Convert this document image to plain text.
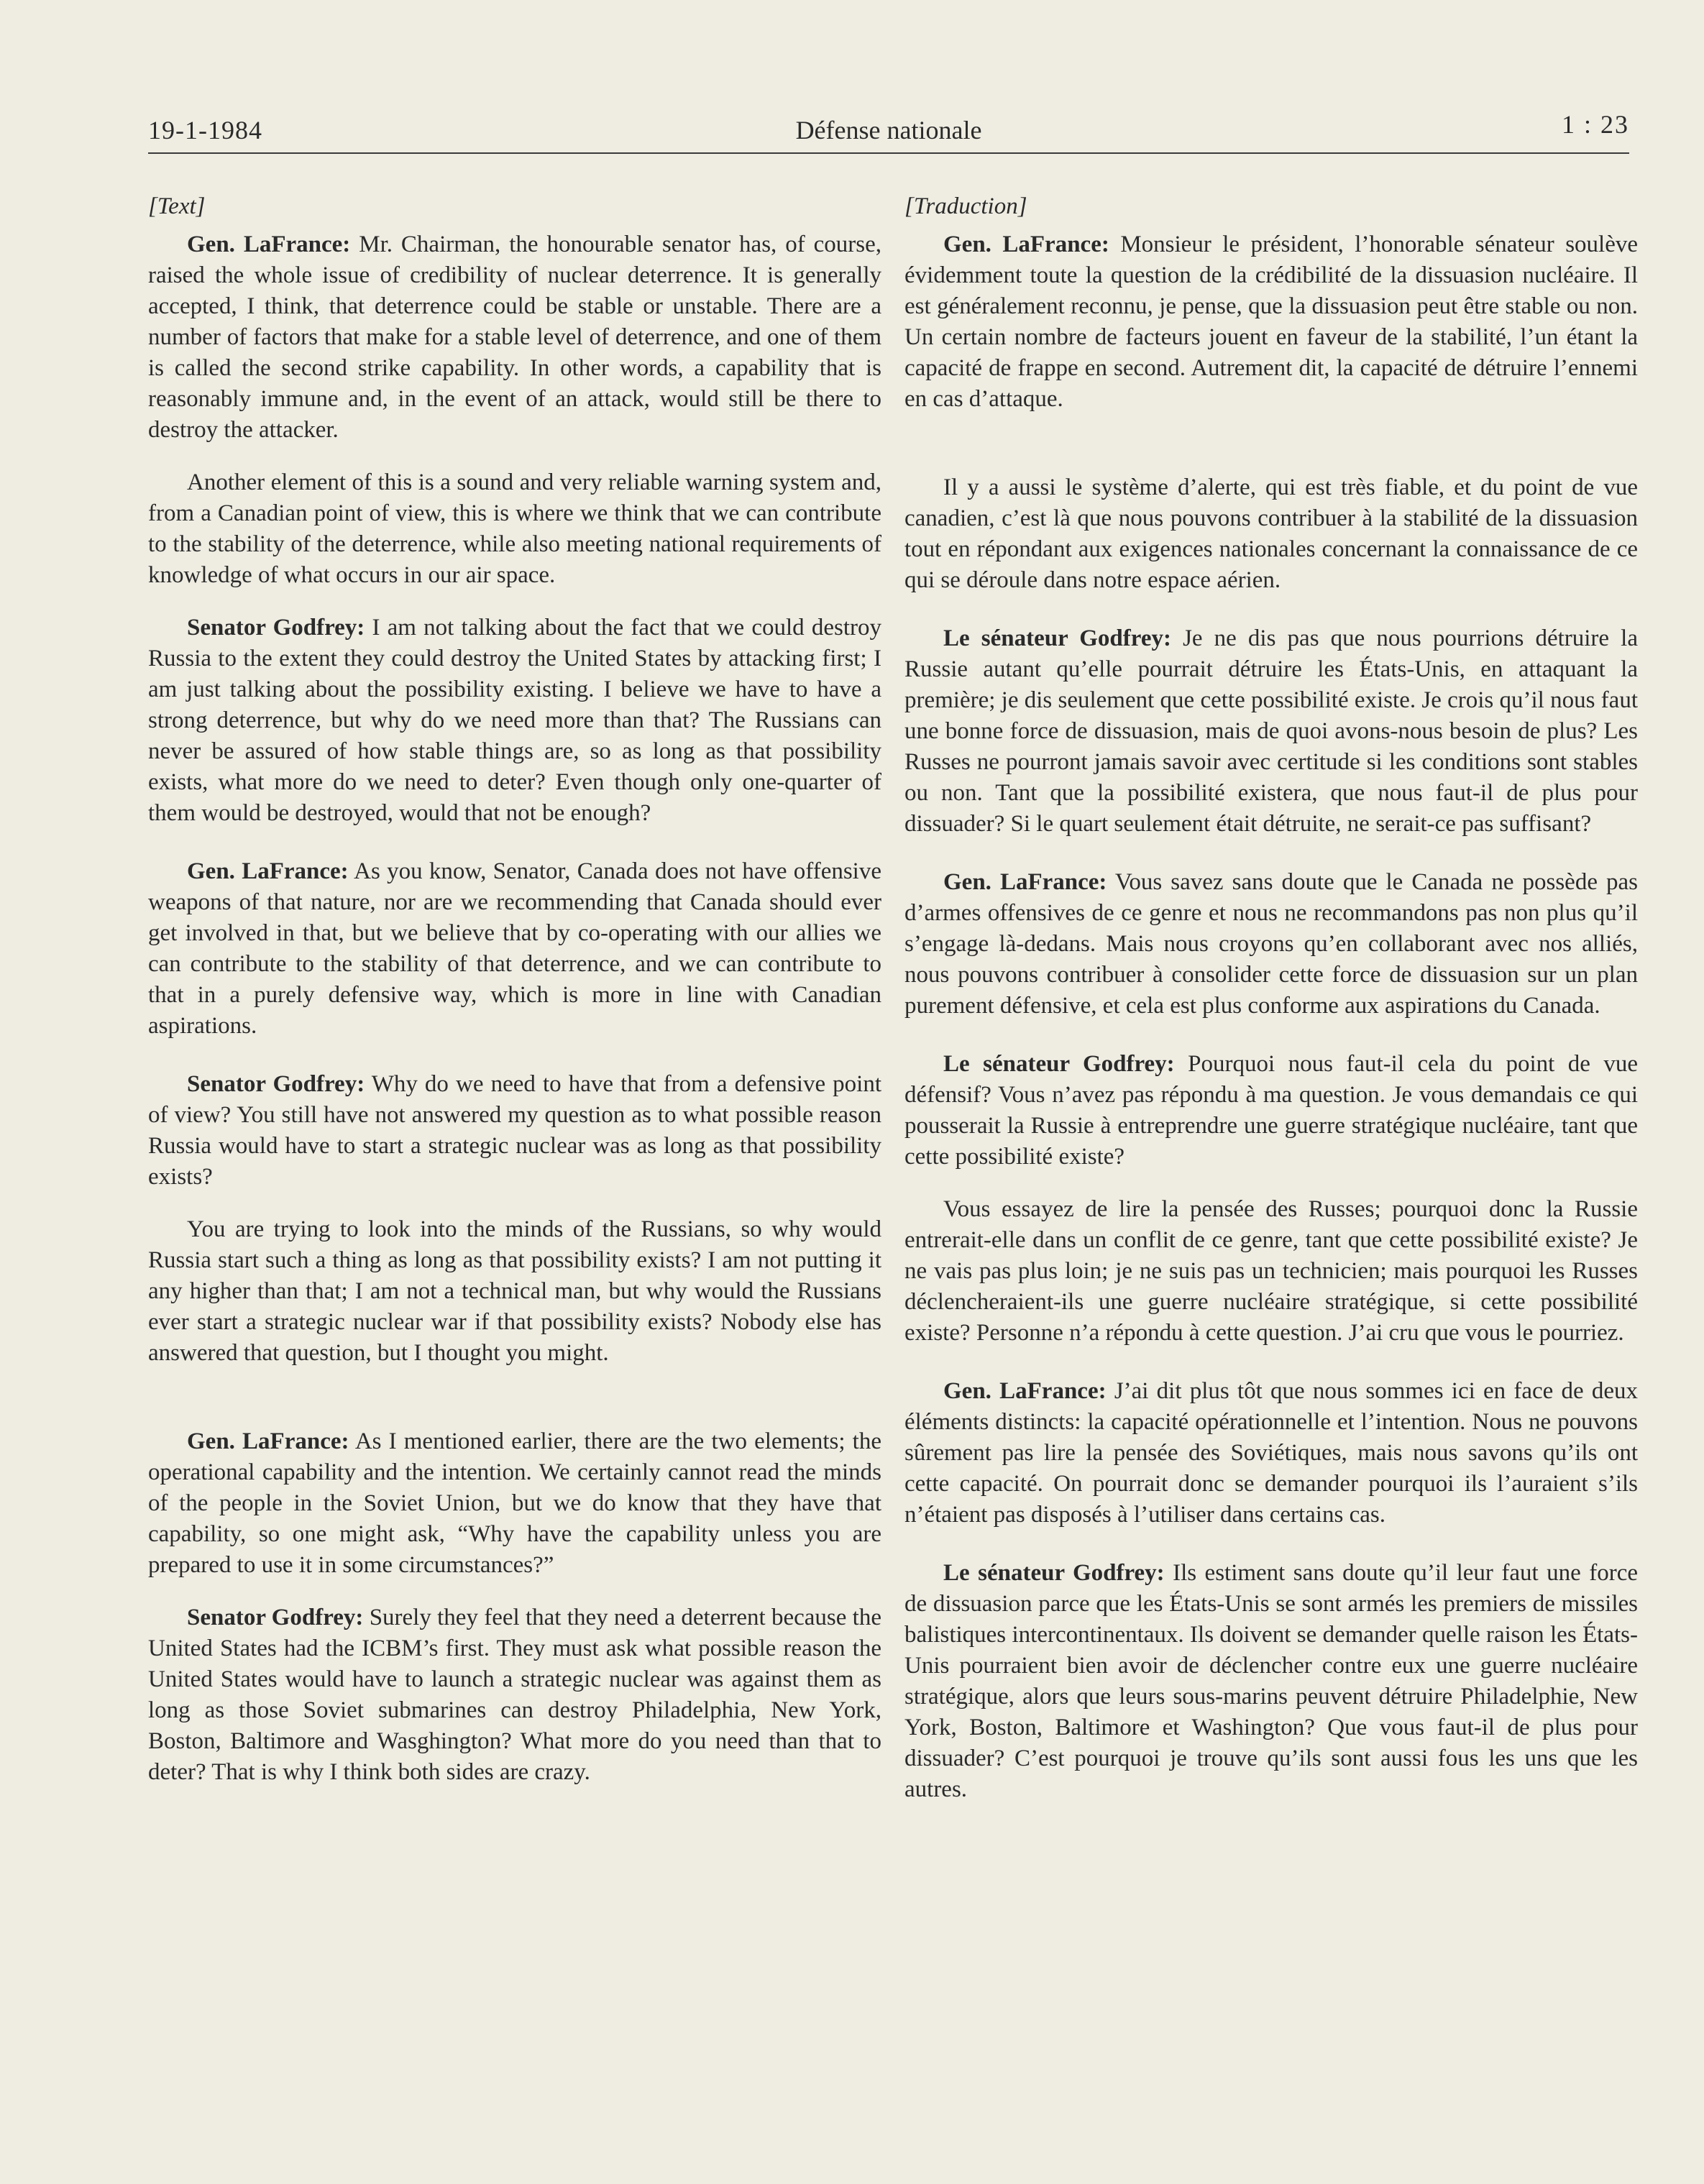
19-1-1984	Défense nationale	1 : 23
[Text]

Gen. LaFrance: Mr. Chairman, the honourable senator has, of course, raised the whole issue of credibility of nuclear deterrence. It is generally accepted, I think, that deterrence could be stable or unstable. There are a number of factors that make for a stable level of deterrence, and one of them is called the second strike capability. In other words, a capability that is reasonably immune and, in the event of an attack, would still be there to destroy the attacker.

Another element of this is a sound and very reliable warning system and, from a Canadian point of view, this is where we think that we can contribute to the stability of the deterrence, while also meeting national requirements of knowledge of what occurs in our air space.

Senator Godfrey: I am not talking about the fact that we could destroy Russia to the extent they could destroy the United States by attacking first; I am just talking about the possibility existing. I believe we have to have a strong deterrence, but why do we need more than that? The Russians can never be assured of how stable things are, so as long as that possibility exists, what more do we need to deter? Even though only one-quarter of them would be destroyed, would that not be enough?

Gen. LaFrance: As you know, Senator, Canada does not have offensive weapons of that nature, nor are we recommending that Canada should ever get involved in that, but we believe that by co-operating with our allies we can contribute to the stability of that deterrence, and we can contribute to that in a purely defensive way, which is more in line with Canadian aspirations.

Senator Godfrey: Why do we need to have that from a defensive point of view? You still have not answered my question as to what possible reason Russia would have to start a strategic nuclear was as long as that possibility exists?

You are trying to look into the minds of the Russians, so why would Russia start such a thing as long as that possibility exists? I am not putting it any higher than that; I am not a technical man, but why would the Russians ever start a strategic nuclear war if that possibility exists? Nobody else has answered that question, but I thought you might.

Gen. LaFrance: As I mentioned earlier, there are the two elements; the operational capability and the intention. We certainly cannot read the minds of the people in the Soviet Union, but we do know that they have that capability, so one might ask, “Why have the capability unless you are prepared to use it in some circumstances?”

Senator Godfrey: Surely they feel that they need a deterrent because the United States had the ICBM’s first. They must ask what possible reason the United States would have to launch a strategic nuclear was against them as long as those Soviet submarines can destroy Philadelphia, New York, Boston, Baltimore and Wasghington? What more do you need than that to deter? That is why I think both sides are crazy.

[Traduction]

Gen. LaFrance: Monsieur le président, l’honorable sénateur soulève évidemment toute la question de la crédibilité de la dissuasion nucléaire. Il est généralement reconnu, je pense, que la dissuasion peut être stable ou non. Un certain nombre de facteurs jouent en faveur de la stabilité, l’un étant la capacité de frappe en second. Autrement dit, la capacité de détruire l’ennemi en cas d’attaque.

Il y a aussi le système d’alerte, qui est très fiable, et du point de vue canadien, c’est là que nous pouvons contribuer à la stabilité de la dissuasion tout en répondant aux exigences nationales concernant la connaissance de ce qui se déroule dans notre espace aérien.

Le sénateur Godfrey: Je ne dis pas que nous pourrions détruire la Russie autant qu’elle pourrait détruire les États-Unis, en attaquant la première; je dis seulement que cette possibilité existe. Je crois qu’il nous faut une bonne force de dissuasion, mais de quoi avons-nous besoin de plus? Les Russes ne pourront jamais savoir avec certitude si les conditions sont stables ou non. Tant que la possibilité existera, que nous faut-il de plus pour dissuader? Si le quart seulement était détruite, ne serait-ce pas suffisant?

Gen. LaFrance: Vous savez sans doute que le Canada ne possède pas d’armes offensives de ce genre et nous ne recommandons pas non plus qu’il s’engage là-dedans. Mais nous croyons qu’en collaborant avec nos alliés, nous pouvons contribuer à consolider cette force de dissuasion sur un plan purement défensive, et cela est plus conforme aux aspirations du Canada.

Le sénateur Godfrey: Pourquoi nous faut-il cela du point de vue défensif? Vous n’avez pas répondu à ma question. Je vous demandais ce qui pousserait la Russie à entreprendre une guerre stratégique nucléaire, tant que cette possibilité existe?

Vous essayez de lire la pensée des Russes; pourquoi donc la Russie entrerait-elle dans un conflit de ce genre, tant que cette possibilité existe? Je ne vais pas plus loin; je ne suis pas un technicien; mais pourquoi les Russes déclencheraient-ils une guerre nucléaire stratégique, si cette possibilité existe? Personne n’a répondu à cette question. J’ai cru que vous le pourriez.

Gen. LaFrance: J’ai dit plus tôt que nous sommes ici en face de deux éléments distincts: la capacité opérationnelle et l’intention. Nous ne pouvons sûrement pas lire la pensée des Soviétiques, mais nous savons qu’ils ont cette capacité. On pourrait donc se demander pourquoi ils l’auraient s’ils n’étaient pas disposés à l’utiliser dans certains cas.

Le sénateur Godfrey: Ils estiment sans doute qu’il leur faut une force de dissuasion parce que les États-Unis se sont armés les premiers de missiles balistiques intercontinentaux. Ils doivent se demander quelle raison les États-Unis pourraient bien avoir de déclencher contre eux une guerre nucléaire stratégique, alors que leurs sous-marins peuvent détruire Philadelphie, New York, Boston, Baltimore et Washington? Que vous faut-il de plus pour dissuader? C’est pourquoi je trouve qu’ils sont aussi fous les uns que les autres.
